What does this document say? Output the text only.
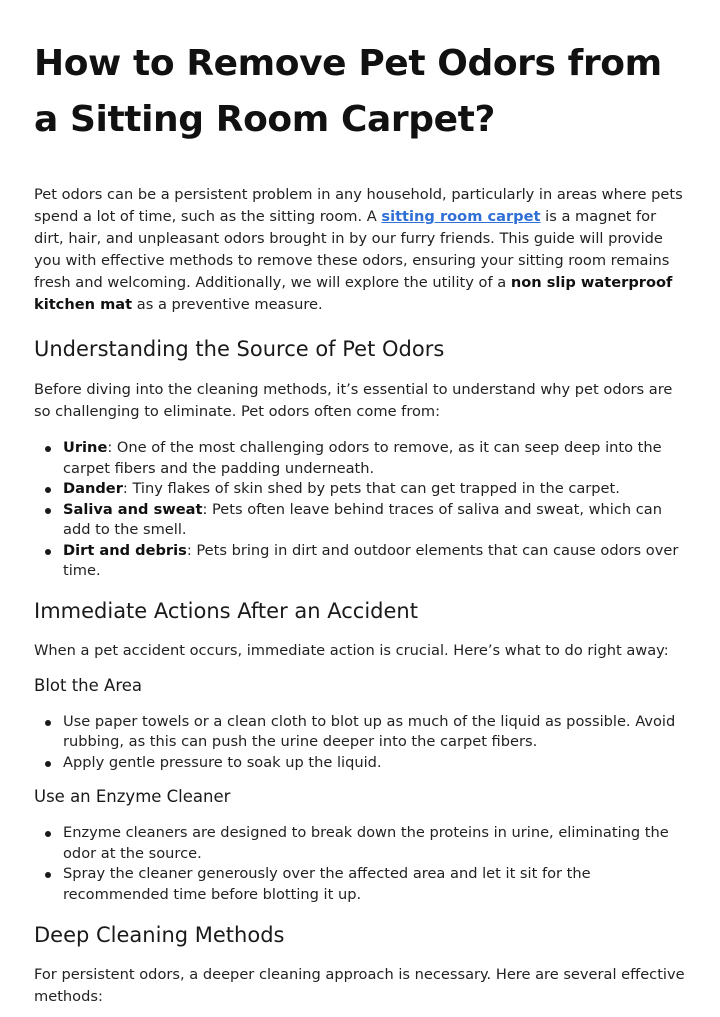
How to Remove Pet Odors from a Sitting Room Carpet?

Pet odors can be a persistent problem in any household, particularly in areas where pets spend a lot of time, such as the sitting room. A sitting room carpet is a magnet for dirt, hair, and unpleasant odors brought in by our furry friends. This guide will provide you with effective methods to remove these odors, ensuring your sitting room remains fresh and welcoming. Additionally, we will explore the utility of a non slip waterproof kitchen mat as a preventive measure.

Understanding the Source of Pet Odors

Before diving into the cleaning methods, it’s essential to understand why pet odors are so challenging to eliminate. Pet odors often come from:

Urine: One of the most challenging odors to remove, as it can seep deep into the carpet fibers and the padding underneath.
Dander: Tiny flakes of skin shed by pets that can get trapped in the carpet.
Saliva and sweat: Pets often leave behind traces of saliva and sweat, which can add to the smell.
Dirt and debris: Pets bring in dirt and outdoor elements that can cause odors over time.
Immediate Actions After an Accident

When a pet accident occurs, immediate action is crucial. Here’s what to do right away:

Blot the Area
Use paper towels or a clean cloth to blot up as much of the liquid as possible. Avoid rubbing, as this can push the urine deeper into the carpet fibers.
Apply gentle pressure to soak up the liquid.
Use an Enzyme Cleaner
Enzyme cleaners are designed to break down the proteins in urine, eliminating the odor at the source.
Spray the cleaner generously over the affected area and let it sit for the recommended time before blotting it up.
Deep Cleaning Methods

For persistent odors, a deeper cleaning approach is necessary. Here are several effective methods:
